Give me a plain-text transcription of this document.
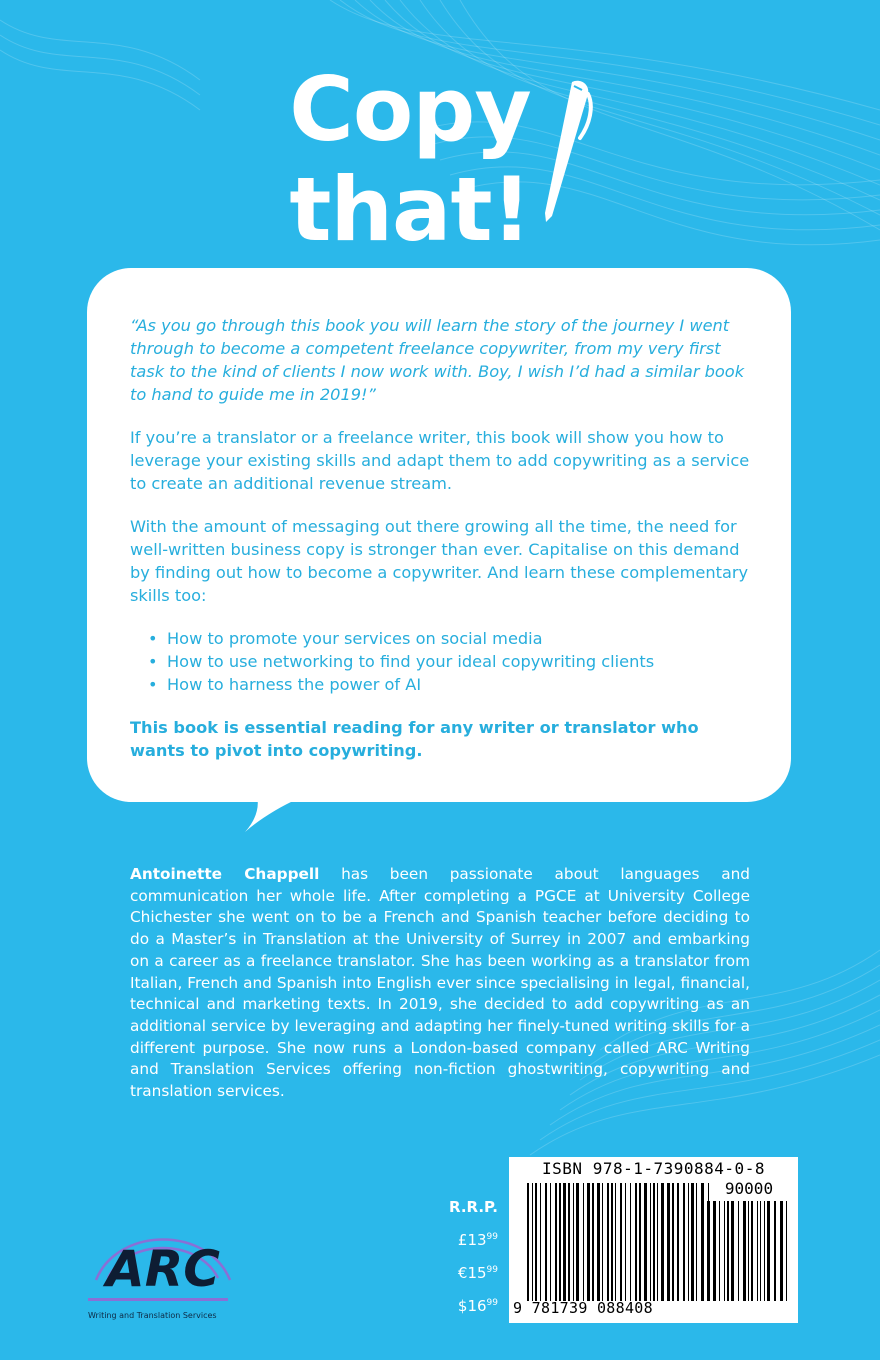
Copy
that!

“As you go through this book you will learn the story of the journey I went through to become a competent freelance copywriter, from my very first task to the kind of clients I now work with. Boy, I wish I’d had a similar book to hand to guide me in 2019!”

If you’re a translator or a freelance writer, this book will show you how to leverage your existing skills and adapt them to add copywriting as a service to create an additional revenue stream.

With the amount of messaging out there growing all the time, the need for well-written business copy is stronger than ever. Capitalise on this demand by finding out how to become a copywriter. And learn these complementary skills too:

• How to promote your services on social media
• How to use networking to find your ideal copywriting clients
• How to harness the power of AI

This book is essential reading for any writer or translator who wants to pivot into copywriting.

Antoinette Chappell has been passionate about languages and communication her whole life. After completing a PGCE at University College Chichester she went on to be a French and Spanish teacher before deciding to do a Master’s in Translation at the University of Surrey in 2007 and embarking on a career as a freelance translator. She has been working as a translator from Italian, French and Spanish into English ever since specialising in legal, financial, technical and marketing texts. In 2019, she decided to add copywriting as an additional service by leveraging and adapting her finely-tuned writing skills for a different purpose. She now runs a London-based company called ARC Writing and Translation Services offering non-fiction ghostwriting, copywriting and translation services.
R.R.P.
$£13^{99}$
$€15^{99}$
$\$16^{99}$
ISBN 978-1-7390884-0-8
90000
9 781739 088408
ARC
Writing and Translation Services
